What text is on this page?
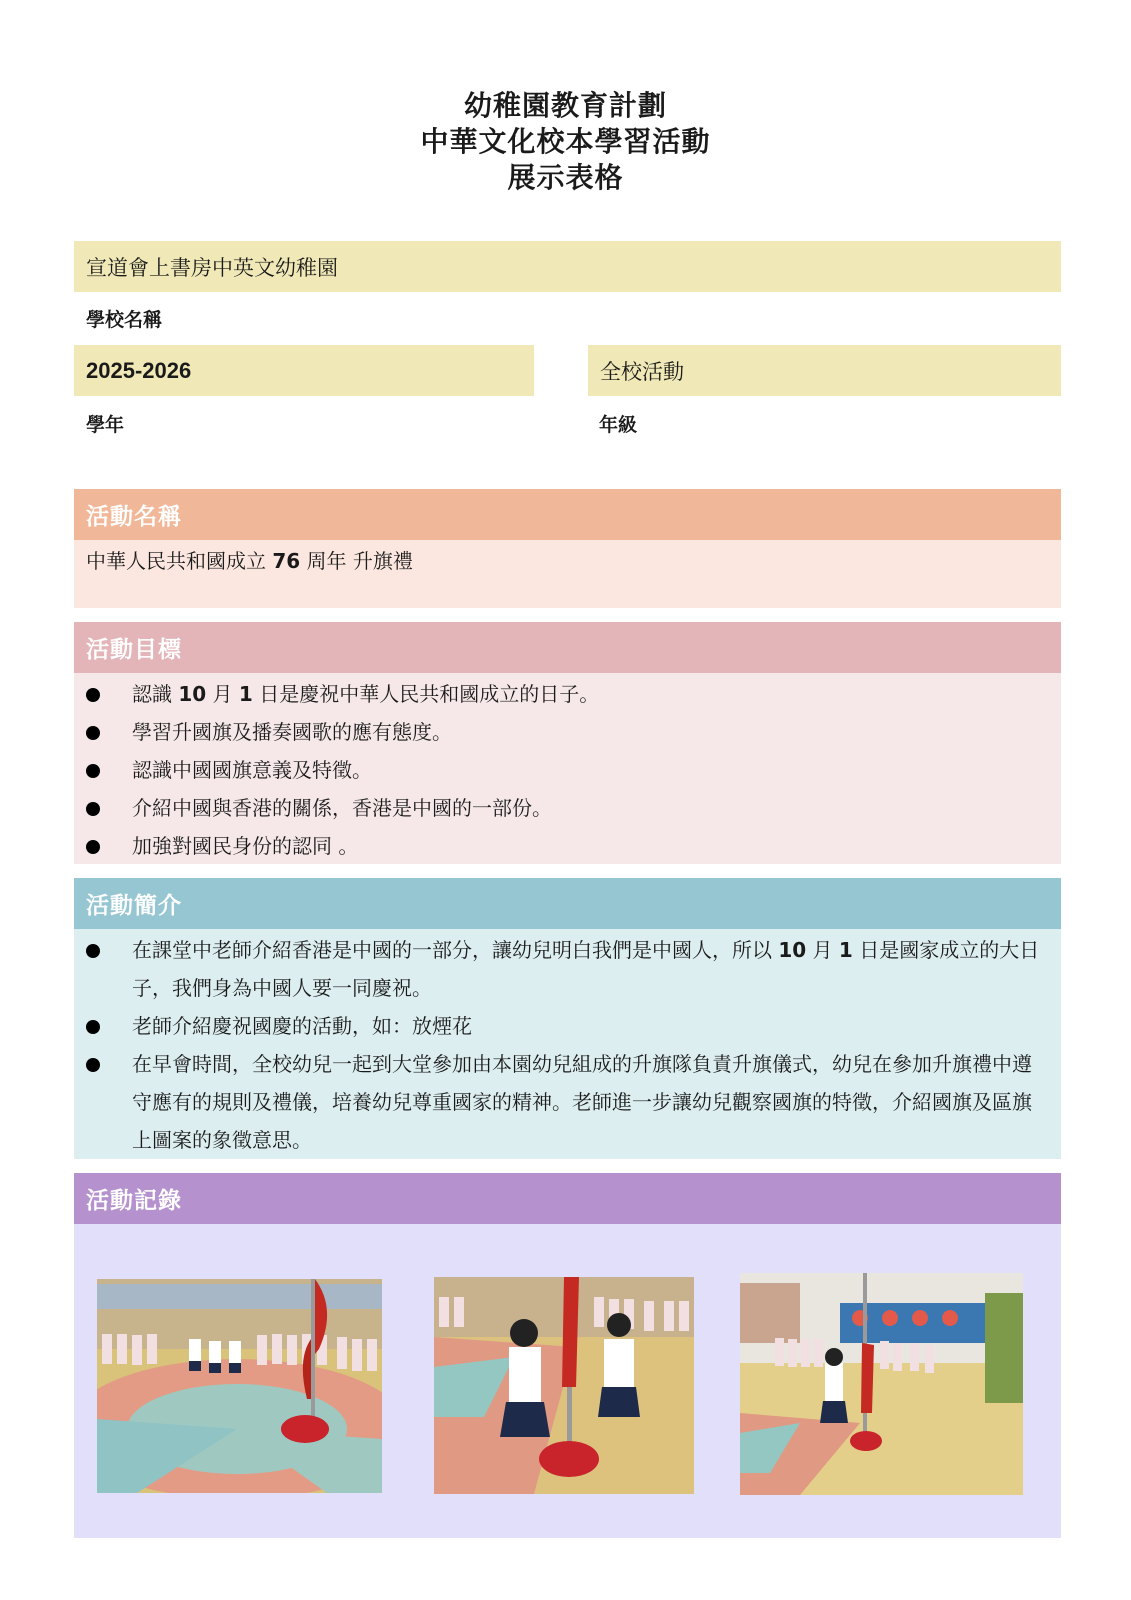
幼稚園教育計劃
中華文化校本學習活動
展示表格
宣道會上書房中英文幼稚園
學校名稱
2025-2026
學年
全校活動
年級
活動名稱
中華人民共和國成立 76 周年 升旗禮
活動目標
認識 10 月 1 日是慶祝中華人民共和國成立的日子。
學習升國旗及播奏國歌的應有態度。
認識中國國旗意義及特徵。
介紹中國與香港的關係，香港是中國的一部份。
加強對國民身份的認同 。
活動簡介
在課堂中老師介紹香港是中國的一部分，讓幼兒明白我們是中國人，所以 10 月 1 日是國家成立的大日子，我們身為中國人要一同慶祝。
老師介紹慶祝國慶的活動，如：放煙花
在早會時間，全校幼兒一起到大堂參加由本園幼兒組成的升旗隊負責升旗儀式，幼兒在參加升旗禮中遵守應有的規則及禮儀，培養幼兒尊重國家的精神。老師進一步讓幼兒觀察國旗的特徵，介紹國旗及區旗上圖案的象徵意思。
活動記錄
